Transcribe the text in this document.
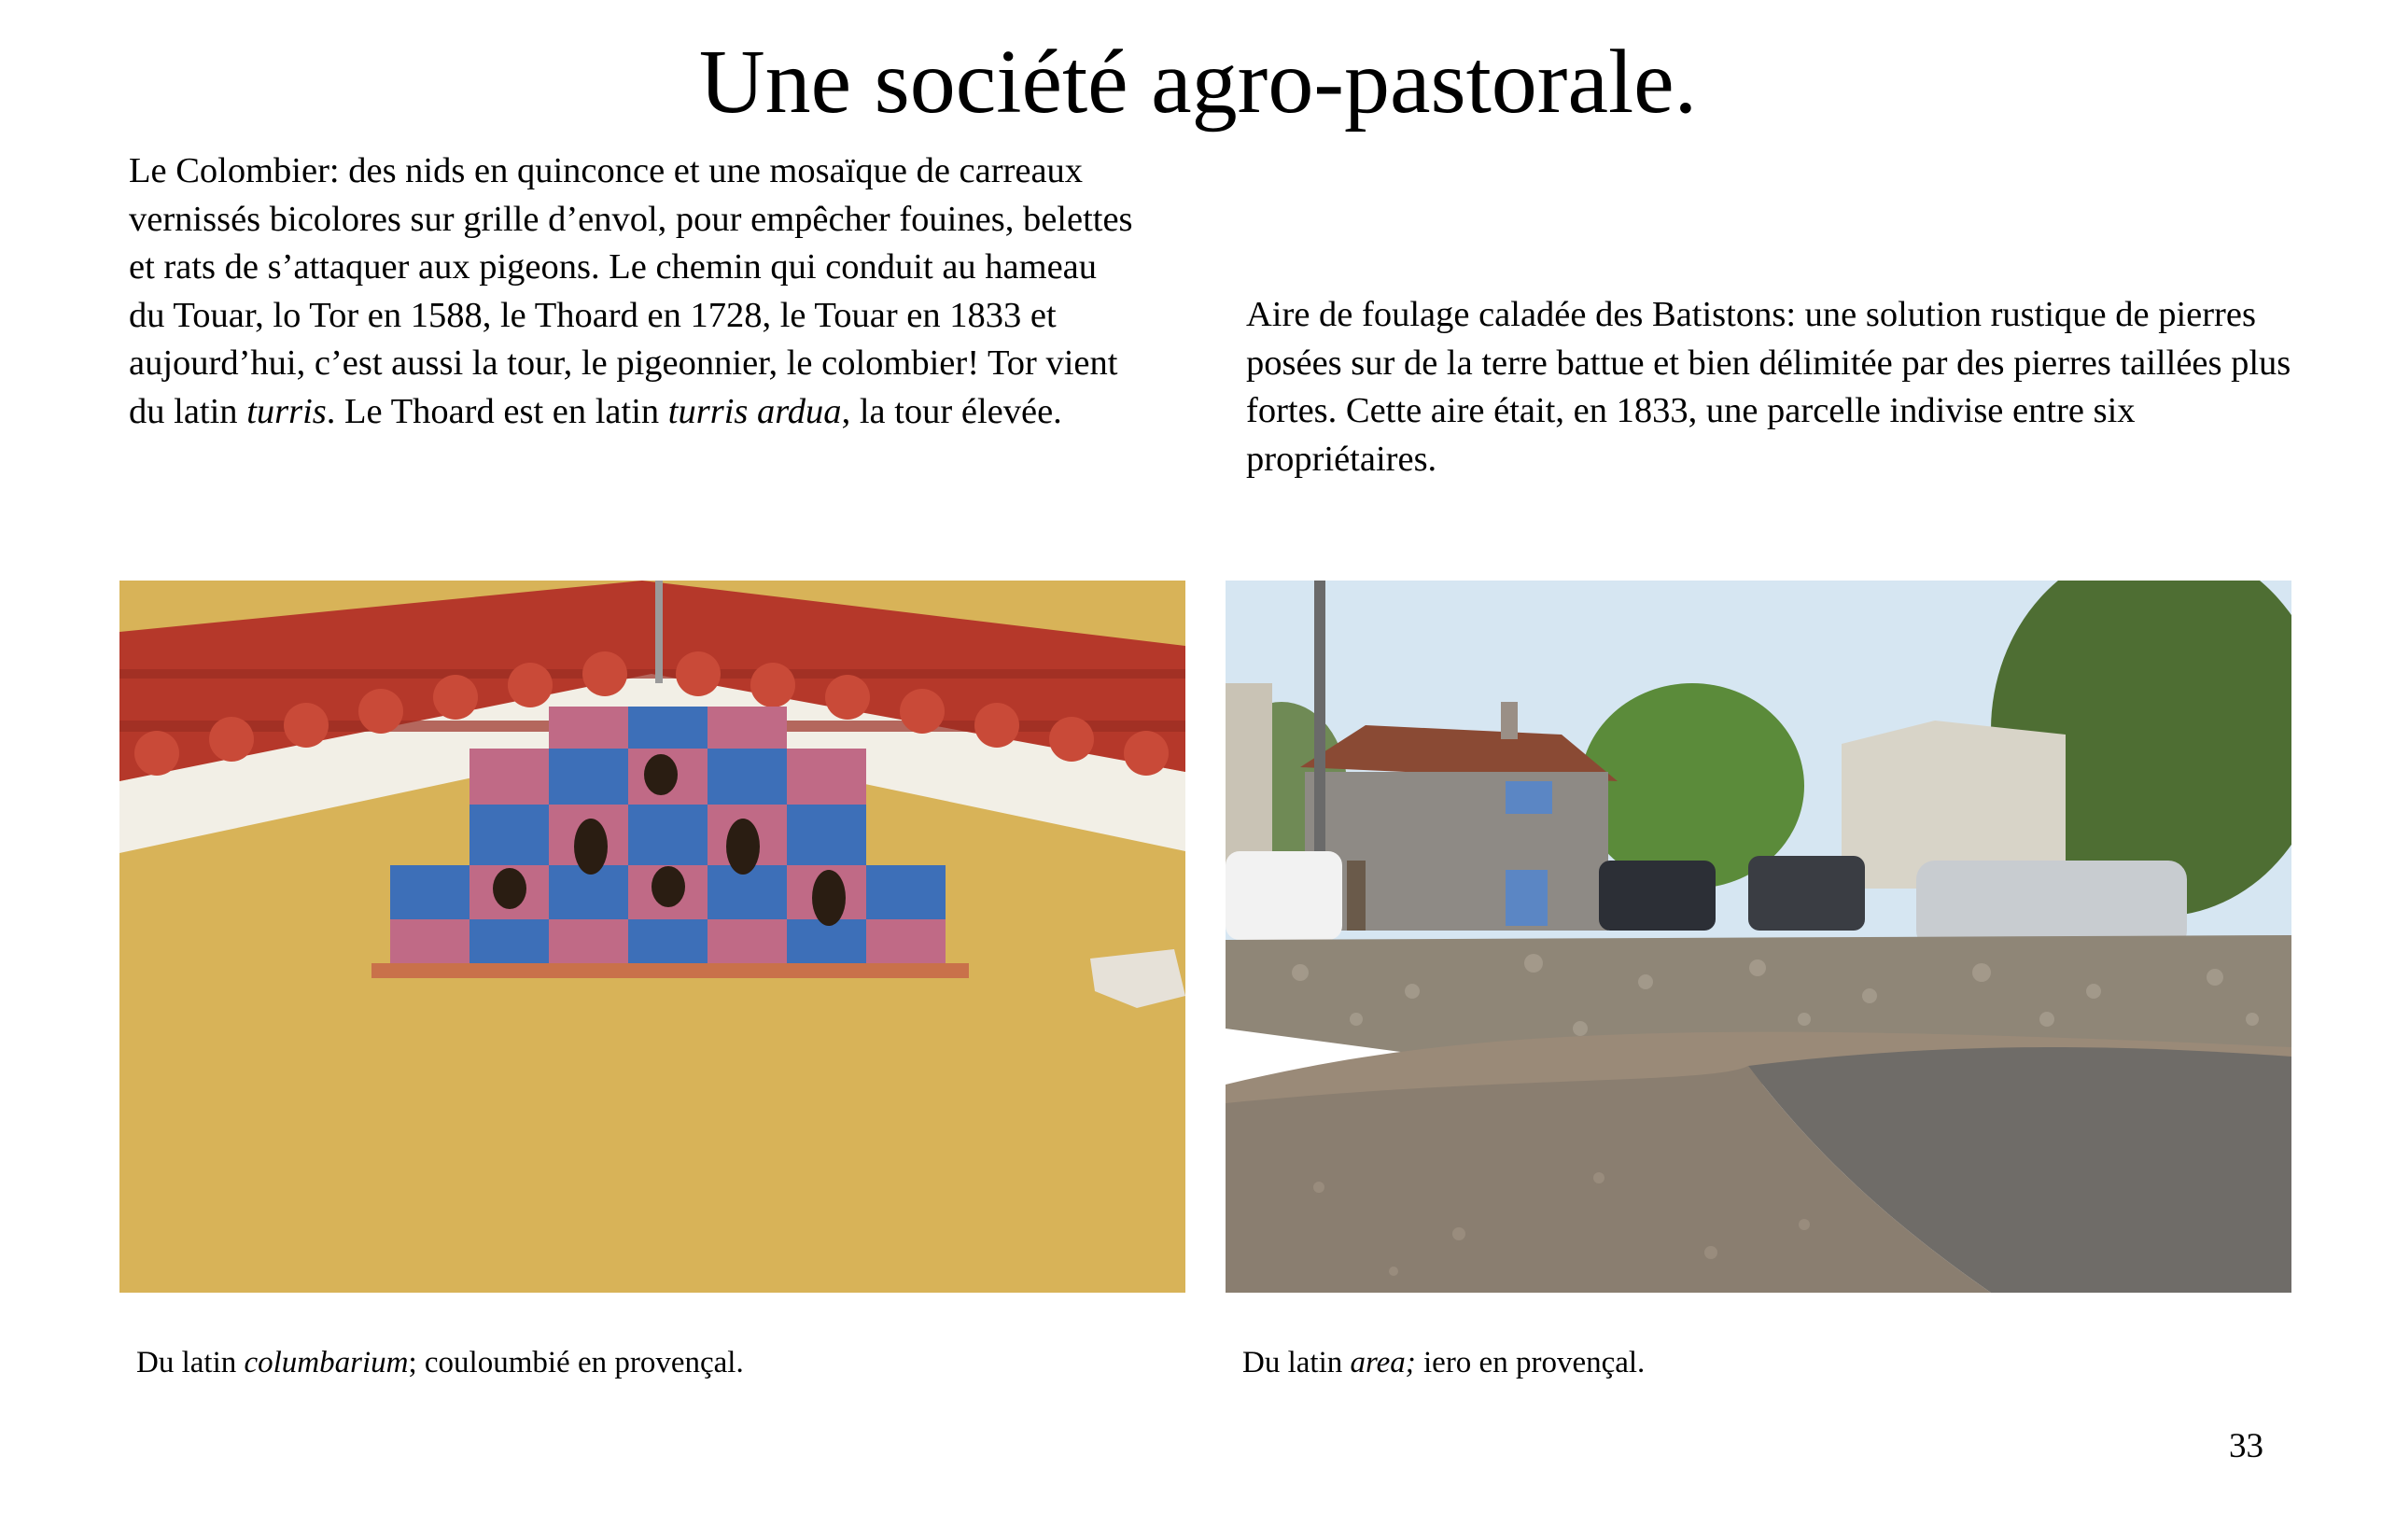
Une société agro-pastorale.

Le Colombier: des nids en quinconce et une mosaïque de carreaux vernissés bicolores sur grille d’envol, pour empêcher fouines, belettes et rats de s’attaquer aux pigeons. Le chemin qui conduit au hameau du Touar, lo Tor en 1588, le Thoard en 1728, le Touar en 1833 et aujourd’hui, c’est aussi la tour, le pigeonnier, le colombier! Tor vient du latin turris. Le Thoard est en latin turris ardua, la tour élevée.

Aire de foulage caladée des Batistons: une solution rustique de pierres posées sur de la terre battue et bien délimitée par des pierres taillées plus fortes. Cette aire était, en 1833, une parcelle indivise entre six propriétaires.

Du latin columbarium; couloumbié en provençal.	Du latin area; iero en provençal.

33
